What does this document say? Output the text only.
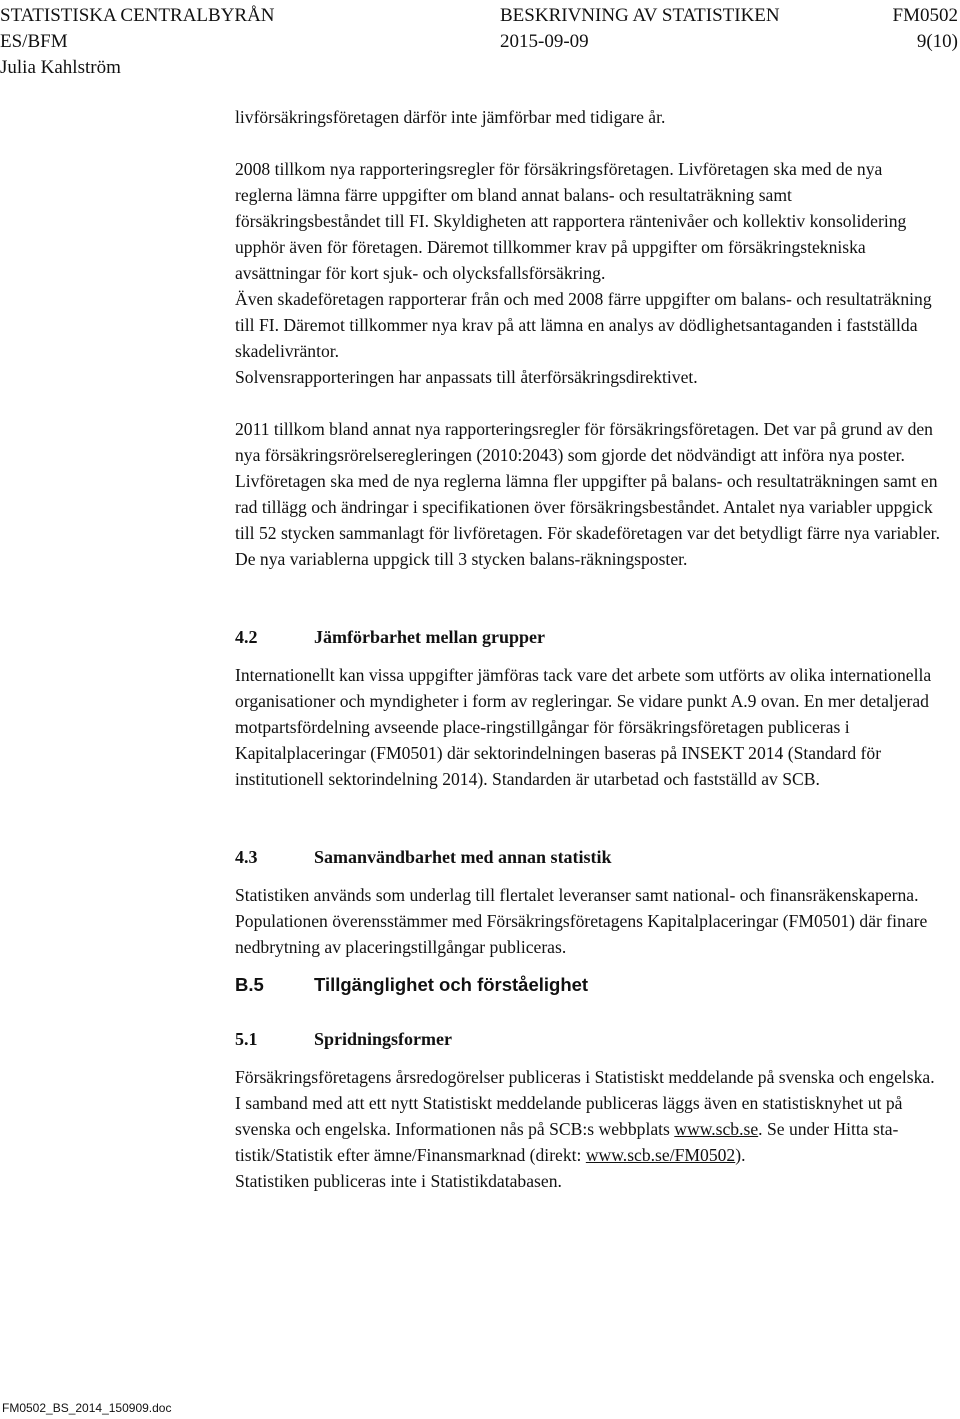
STATISTISKA CENTRALBYRÅN	BESKRIVNING AV STATISTIKEN	FM0502
ES/BFM	2015-09-09	9(10)
Julia Kahlström

livförsäkringsföretagen därför inte jämförbar med tidigare år.

2008 tillkom nya rapporteringsregler för försäkringsföretagen. Livföretagen ska med de nya reglerna lämna färre uppgifter om bland annat balans- och resultaträkning samt försäkringsbeståndet till FI. Skyldigheten att rapportera räntenivåer och kollektiv konsolidering upphör även för företagen. Däremot tillkommer krav på uppgifter om försäkringstekniska avsättningar för kort sjuk- och olycksfallsförsäkring.

Även skadeföretagen rapporterar från och med 2008 färre uppgifter om balans- och resultaträkning till FI. Däremot tillkommer nya krav på att lämna en analys av dödlighetsantaganden i fastställda skadelivräntor.

Solvensrapporteringen har anpassats till återförsäkringsdirektivet.

2011 tillkom bland annat nya rapporteringsregler för försäkringsföretagen. Det var på grund av den nya försäkringsrörelseregleringen (2010:2043) som gjorde det nödvändigt att införa nya poster. Livföretagen ska med de nya reglerna lämna fler uppgifter på balans- och resultaträkningen samt en rad tillägg och ändringar i specifikationen över försäkringsbeståndet. Antalet nya variabler uppgick till 52 stycken sammanlagt för livföretagen. För skadeföretagen var det betydligt färre nya variabler. De nya variablerna uppgick till 3 stycken balans-räkningsposter.

4.2	Jämförbarhet mellan grupper

Internationellt kan vissa uppgifter jämföras tack vare det arbete som utförts av olika internationella organisationer och myndigheter i form av regleringar. Se vidare punkt A.9 ovan. En mer detaljerad motpartsfördelning avseende place-ringstillgångar för försäkringsföretagen publiceras i Kapitalplaceringar (FM0501) där sektorindelningen baseras på INSEKT 2014 (Standard för institutionell sektorindelning 2014). Standarden är utarbetad och fastställd av SCB.

4.3	Samanvändbarhet med annan statistik

Statistiken används som underlag till flertalet leveranser samt national- och finansräkenskaperna. Populationen överensstämmer med Försäkringsföretagens Kapitalplaceringar (FM0501) där finare nedbrytning av placeringstillgångar publiceras.

B.5	Tillgänglighet och förståelighet
5.1	Spridningsformer

Försäkringsföretagens årsredogörelser publiceras i Statistiskt meddelande på svenska och engelska. I samband med att ett nytt Statistiskt meddelande publiceras läggs även en statistisknyhet ut på svenska och engelska. Informationen nås på SCB:s webbplats www.scb.se. Se under Hitta sta-tistik/Statistik efter ämne/Finansmarknad (direkt: www.scb.se/FM0502).

Statistiken publiceras inte i Statistikdatabasen.

FM0502_BS_2014_150909.doc
